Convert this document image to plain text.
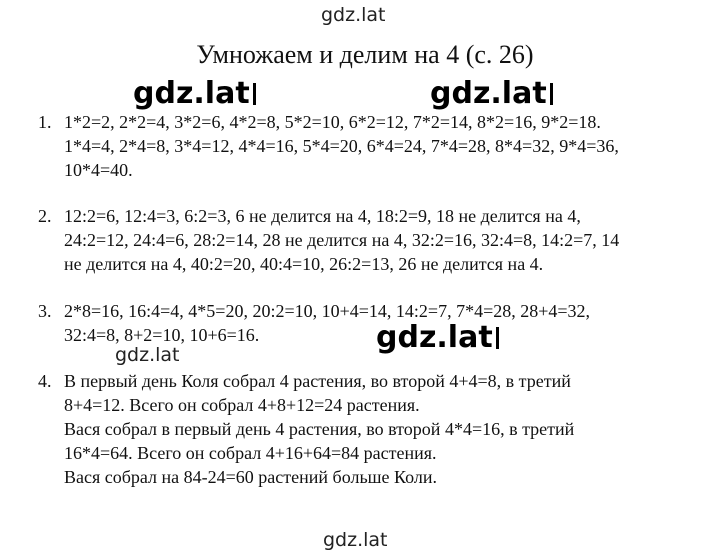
gdz.lat
gdz.lat	gdz.lat
Умножаем и делим на 4 (с. 26)
1. 1*2=2, 2*2=4, 3*2=6, 4*2=8, 5*2=10, 6*2=12, 7*2=14, 8*2=16, 9*2=18.
1*4=4, 2*4=8, 3*4=12, 4*4=16, 5*4=20, 6*4=24, 7*4=28, 8*4=32, 9*4=36,
10*4=40.
2. 12:2=6, 12:4=3, 6:2=3, 6 не делится на 4, 18:2=9, 18 не делится на 4,
24:2=12, 24:4=6, 28:2=14, 28 не делится на 4, 32:2=16, 32:4=8, 14:2=7, 14
не делится на 4, 40:2=20, 40:4=10, 26:2=13, 26 не делится на 4.
3. 2*8=16, 16:4=4, 4*5=20, 20:2=10, 10+4=14, 14:2=7, 7*4=28, 28+4=32,
32:4=8, 8+2=10, 10+6=16.	gdz.lat
gdz.lat
4. В первый день Коля собрал 4 растения, во второй 4+4=8, в третий
8+4=12. Всего он собрал 4+8+12=24 растения.
Вася собрал в первый день 4 растения, во второй 4*4=16, в третий
16*4=64. Всего он собрал 4+16+64=84 растения.
Вася собрал на 84-24=60 растений больше Коли.
gdz.lat
